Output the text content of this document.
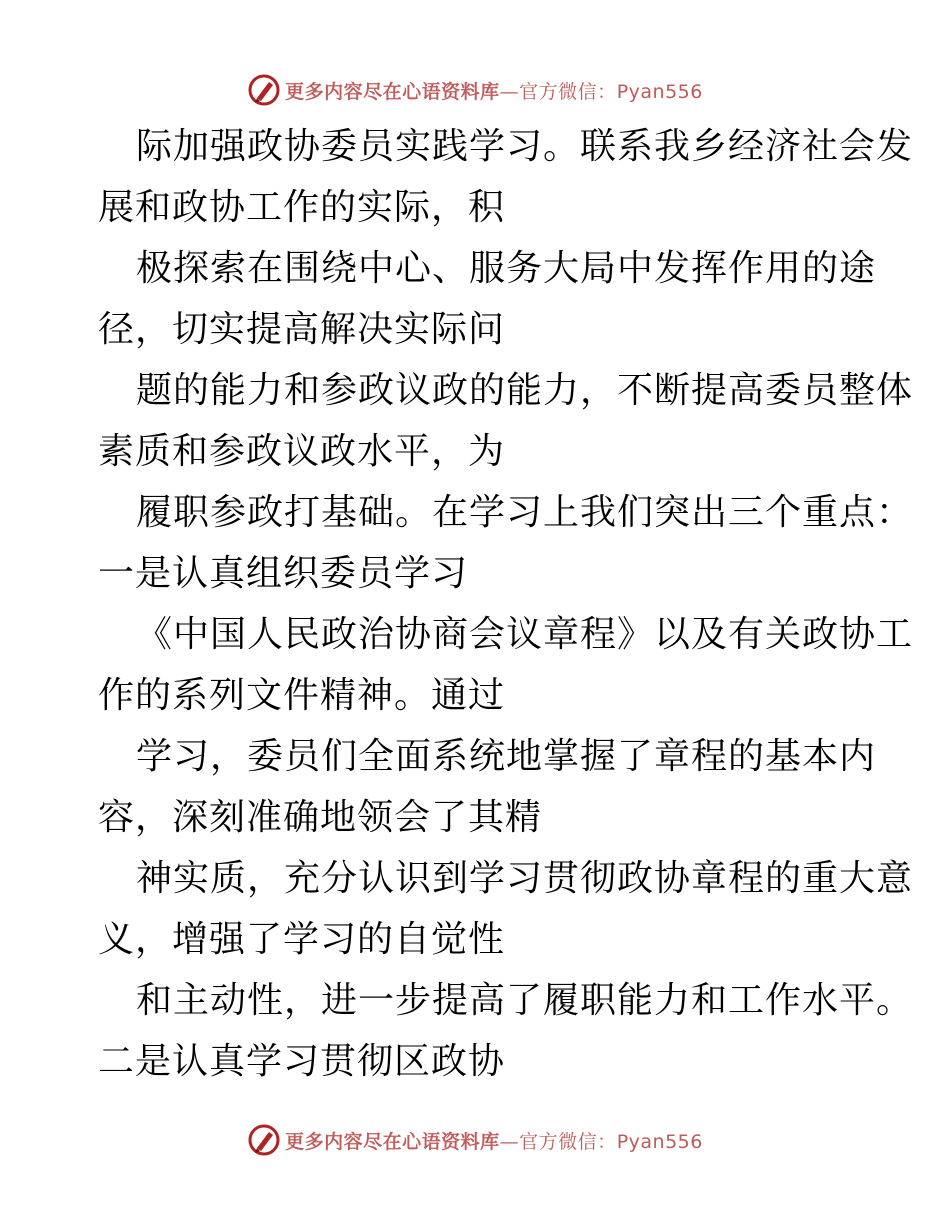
更多内容尽在心语资料库—官方微信：Pyan556
际加强政协委员实践学习。联系我乡经济社会发
展和政协工作的实际，积
极探索在围绕中心、服务大局中发挥作用的途
径，切实提高解决实际问
题的能力和参政议政的能力，不断提高委员整体
素质和参政议政水平，为
履职参政打基础。在学习上我们突出三个重点：
一是认真组织委员学习
《中国人民政治协商会议章程》以及有关政协工
作的系列文件精神。通过
学习，委员们全面系统地掌握了章程的基本内
容，深刻准确地领会了其精
神实质，充分认识到学习贯彻政协章程的重大意
义，增强了学习的自觉性
和主动性，进一步提高了履职能力和工作水平。
二是认真学习贯彻区政协
更多内容尽在心语资料库—官方微信：Pyan556
